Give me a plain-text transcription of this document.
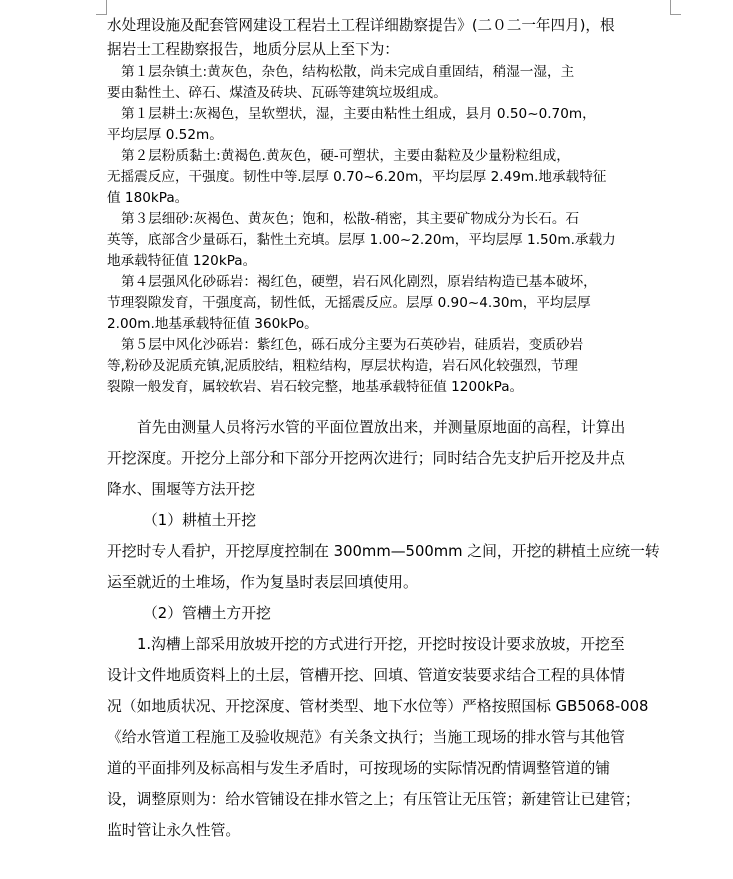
水处理设施及配套管网建设工程岩土工程详细勘察提告》(二０二一年四月)，根

据岩士工程勘察报告，地质分层从上至下为：

第１层杂镇土:黄灰色，杂色，结构松散，尚未完成自重固结，稍湿一湿，主

要由黏性土、碎石、煤渣及砖块、瓦砾等建筑垃圾组成。

第１层耕土:灰褐色，呈软塑状，湿，主要由粘性土组成，县月 0.50~0.70m，

平均层厚 0.52m。

第２层粉质黏土:黄褐色.黄灰色，硬-可塑状，主要由黏粒及少量粉粒组成，

无摇震反应，干强度。韧性中等.层厚 0.70~6.20m，平均层厚 2.49m.地承载特征

值 180kPa。

第３层细砂:灰褐色、黄灰色；饱和，松散-稍密，其主要矿物成分为长石。石

英等，底部含少量砾石，黏性土充填。层厚 1.00~2.20m，平均层厚 1.50m.承载力

地承载特征值 120kPa。

第４层强风化砂砾岩：褐红色，硬塑，岩石风化剧烈，原岩结构造已基本破坏，

节理裂隙发育，干强度高，韧性低，无摇震反应。层厚 0.90~4.30m，平均层厚

2.00m.地基承载特征值 360kPo。

第５层中风化沙砾岩：紫红色，砾石成分主要为石英砂岩，硅质岩，变质砂岩

等,粉砂及泥质充镇,泥质胶结，粗粒结构，厚层状构造，岩石风化较强烈，节理

裂隙一般发育，属较软岩、岩石较完整，地基承载特征值 1200kPa。

首先由测量人员将污水管的平面位置放出来，并测量原地面的高程，计算出

开挖深度。开挖分上部分和下部分开挖两次进行；同时结合先支护后开挖及井点

降水、围堰等方法开挖

（1）耕植土开挖

开挖时专人看护，开挖厚度控制在 300mm—500mm 之间，开挖的耕植土应统一转

运至就近的土堆场，作为复垦时表层回填使用。

（2）管槽土方开挖

1.沟槽上部采用放坡开挖的方式进行开挖，开挖时按设计要求放坡，开挖至

设计文件地质资料上的土层，管槽开挖、回填、管道安装要求结合工程的具体情

况（如地质状况、开挖深度、管材类型、地下水位等）严格按照国标 GB5068-008

《给水管道工程施工及验收规范》有关条文执行；当施工现场的排水管与其他管

道的平面排列及标高相与发生矛盾时，可按现场的实际情况酌情调整管道的铺

设，调整原则为：给水管铺设在排水管之上；有压管让无压管；新建管让已建管；

监时管让永久性管。
